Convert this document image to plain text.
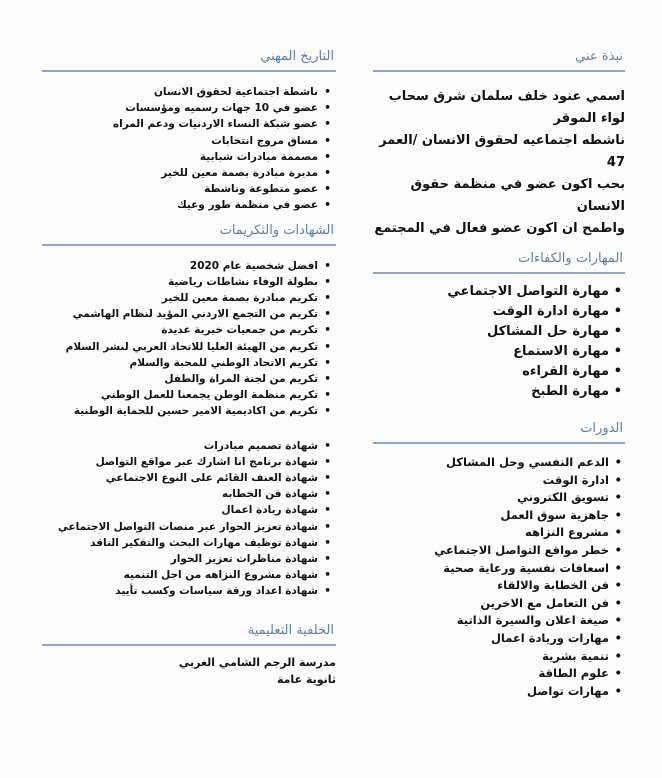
نبذة عني

اسمي عنود خلف سلمان شرق سحاب لواء الموقر

ناشطه اجتماعيه لحقوق الانسان /العمر 47

بحب اكون عضو في منظمة حقوق الانسان

واطمح ان اكون عضو فعال في المجتمع

المهارات والكفاءات
• مهارة التواصل الاجتماعي
• مهارة ادارة الوقت
• مهارة حل المشاكل
• مهارة الاستماع
• مهارة القراءه
• مهارة الطبخ
الدورات
• الدعم النفسي وحل المشاكل
• ادارة الوقت
• تسويق الكتروني
• جاهزية سوق العمل
• مشروع النزاهه
• خطر مواقع التواصل الاجتماعي
• اسعافات نفسية ورعاية صحية
• فن الخطابة والالقاء
• فن التعامل مع الاخرين
• صيغة اعلان والسيرة الذاتية
• مهارات وريادة اعمال
• تنمية بشرية
• علوم الطاقة
• مهارات تواصل
التاريخ المهني
• ناشطة اجتماعية لحقوق الانسان
• عضو في 10 جهات رسميه ومؤسسات
• عضو شبكة النساء الاردنيات ودعم المراه
• مساق مروج انتخابات
• مصممة مبادرات شبابية
• مديرة مبادرة بصمة معين للخير
• عضو متطوعة وناشطة
• عضو في منظمة طور وعيك
الشهادات والتكريمات
• افضل شخصية عام 2020
• بطولة الوفاء نشاطات رياضية
• تكريم مبادرة بصمة معين للخير
• تكريم من التجمع الاردني المؤيد لنظام الهاشمي
• تكريم من جمعيات خيرية عديدة
• تكريم من الهيئة العليا للاتحاد العربي لنشر السلام
• تكريم الاتحاد الوطني للمحبة والسلام
• تكريم من لجنة المراة والطفل
• تكريم منظمة الوطن يجمعنا للعمل الوطني
• تكريم من اكاديمية الامير حسين للحماية الوطنية
• شهادة تصميم مبادرات
• شهادة برنامج انا اشارك عبر مواقع التواصل
• شهادة العنف القائم على النوع الاجتماعي
• شهادة فن الخطابه
• شهادة ريادة اعمال
• شهادة تعزيز الحوار عبر منصات التواصل الاجتماعي
• شهادة توظيف مهارات البحث والتفكير الناقد
• شهادة مناظرات تعزيز الحوار
• شهادة مشروع النزاهه من اجل التنميه
• شهادة اعداد ورقة سياسات وكسب تأييد
الخلفية التعليمية
مدرسة الرجم الشامي الغربي
ثانوية عامة
